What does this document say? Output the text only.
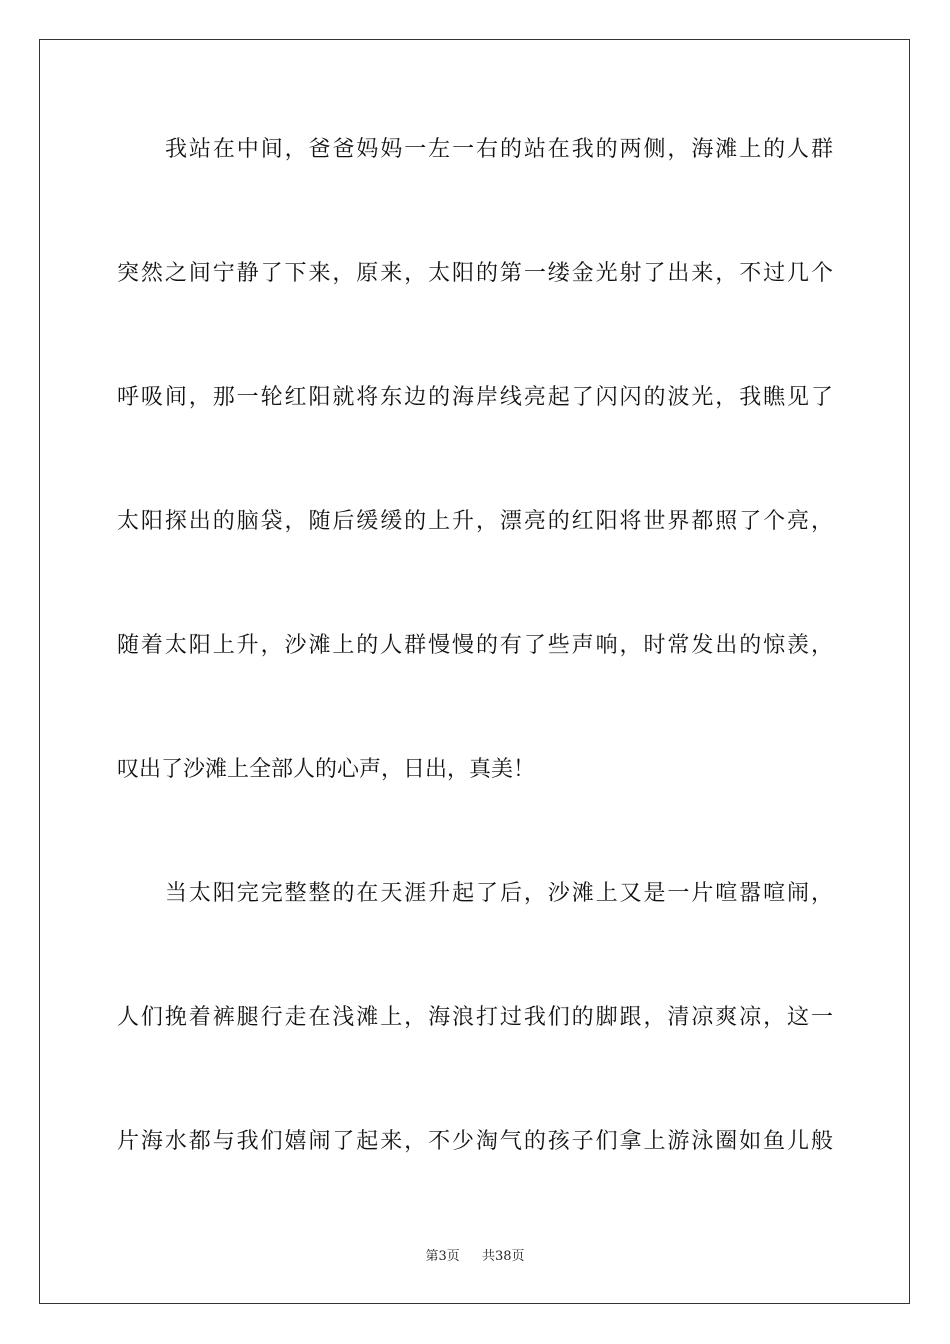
我站在中间，爸爸妈妈一左一右的站在我的两侧，海滩上的人群
突然之间宁静了下来，原来，太阳的第一缕金光射了出来，不过几个
呼吸间，那一轮红阳就将东边的海岸线亮起了闪闪的波光，我瞧见了
太阳探出的脑袋，随后缓缓的上升，漂亮的红阳将世界都照了个亮，
随着太阳上升，沙滩上的人群慢慢的有了些声响，时常发出的惊羡，
叹出了沙滩上全部人的心声，日出，真美！
当太阳完完整整的在天涯升起了后，沙滩上又是一片喧嚣喧闹，
人们挽着裤腿行走在浅滩上，海浪打过我们的脚跟，清凉爽凉，这一
片海水都与我们嬉闹了起来，不少淘气的孩子们拿上游泳圈如鱼儿般
第3页 共38页
